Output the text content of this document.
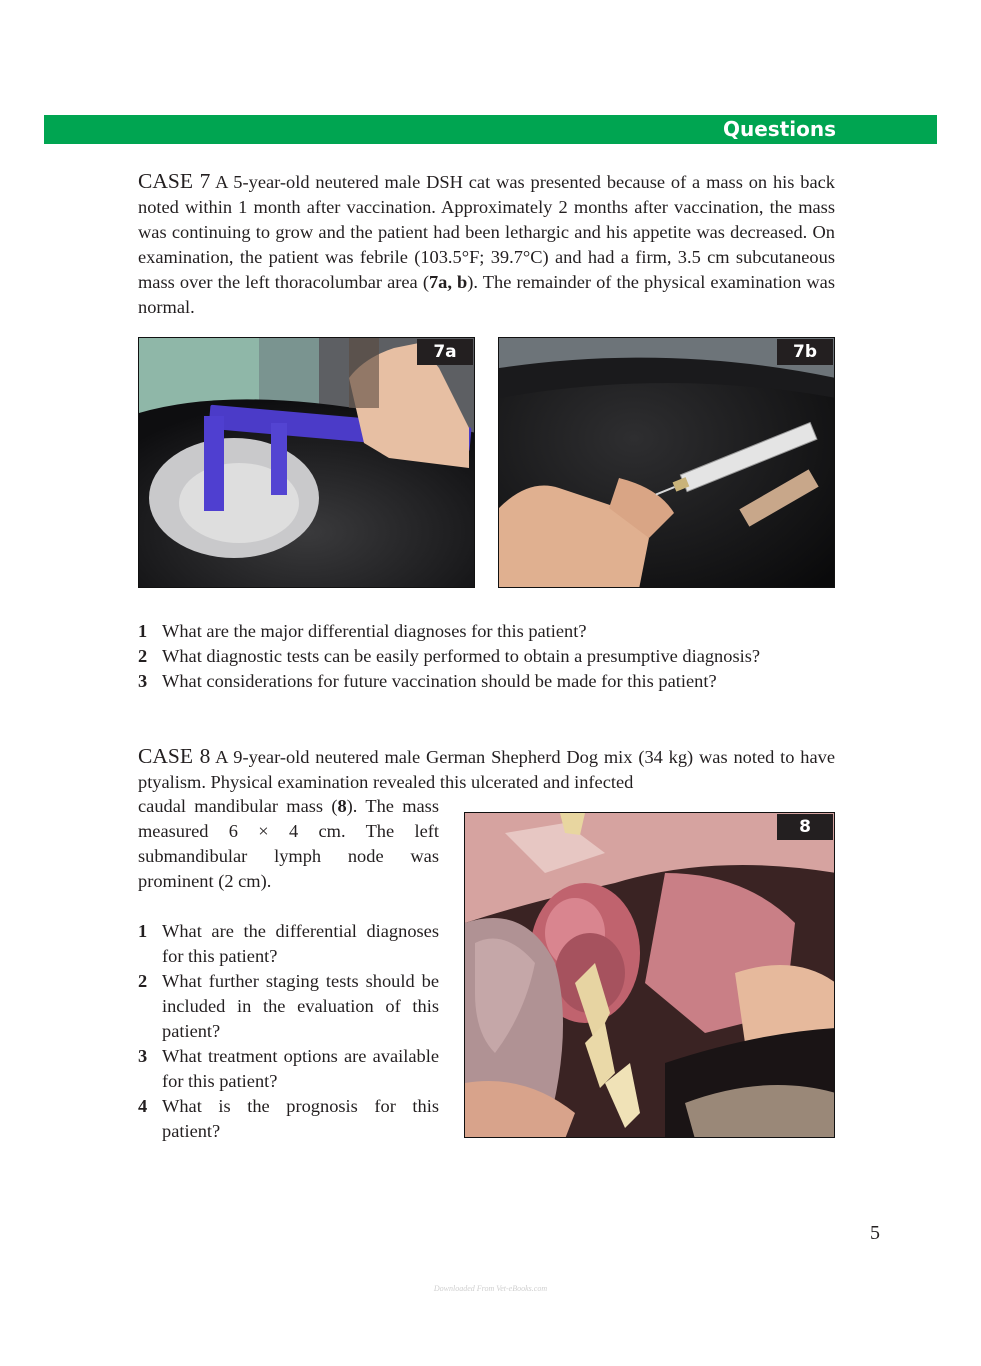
Questions

CASE 7 A 5-year-old neutered male DSH cat was presented because of a mass on his back noted within 1 month after vaccination. Approximately 2 months after vaccination, the mass was continuing to grow and the patient had been lethargic and his appetite was decreased. On examination, the patient was febrile (103.5°F; 39.7°C) and had a firm, 3.5 cm subcutaneous mass over the left thoracolumbar area (7a, b). The remainder of the physical examination was normal.

7a	7b
1 What are the major differential diagnoses for this patient?
2 What diagnostic tests can be easily performed to obtain a presumptive diagnosis?
3 What considerations for future vaccination should be made for this patient?

CASE 8 A 9-year-old neutered male German Shepherd Dog mix (34 kg) was noted to have ptyalism. Physical examination revealed this ulcerated and infected

caudal mandibular mass (8). The mass measured 6 × 4 cm. The left submandibular lymph node was prominent (2 cm).

1 What are the differential diagnoses for this patient?
2 What further staging tests should be included in the evaluation of this patient?
3 What treatment options are available for this patient?
4 What is the prognosis for this patient?
8
5
Downloaded From Vet-eBooks.com
